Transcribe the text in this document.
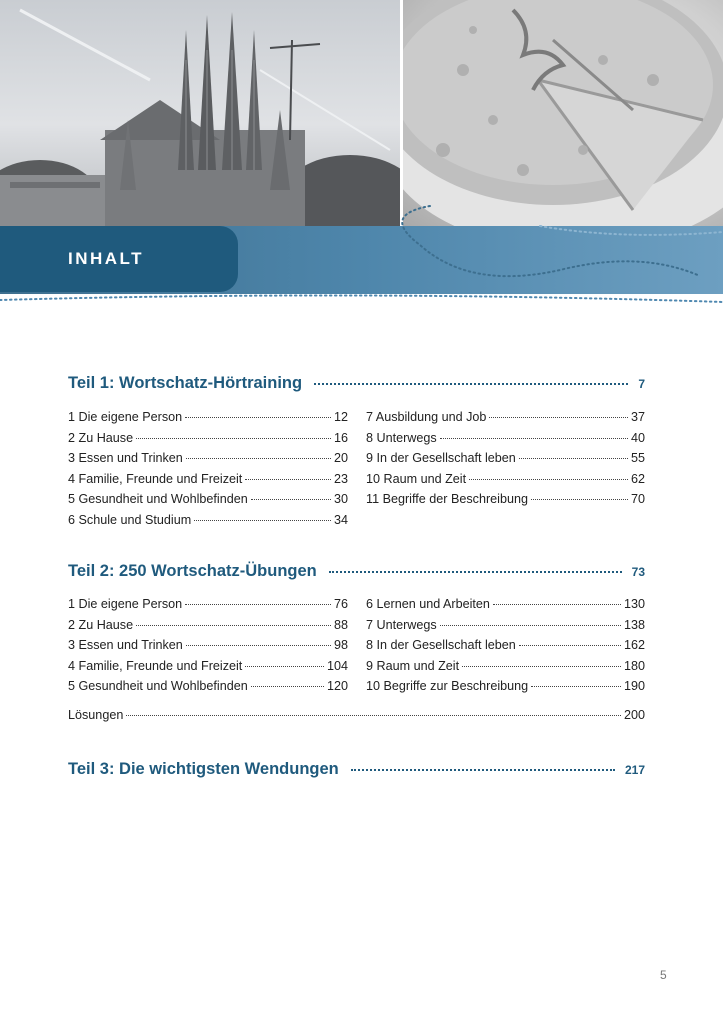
INHALT
Teil 1: Wortschatz-Hörtraining	7
1 Die eigene Person	12
2 Zu Hause	16
3 Essen und Trinken	20
4 Familie, Freunde und Freizeit	23
5 Gesundheit und Wohlbefinden	30
6 Schule und Studium	34
7 Ausbildung und Job	37
8 Unterwegs	40
9 In der Gesellschaft leben	55
10 Raum und Zeit	62
11 Begriffe der Beschreibung	70
Teil 2: 250 Wortschatz-Übungen	73
1 Die eigene Person	76
2 Zu Hause	88
3 Essen und Trinken	98
4 Familie, Freunde und Freizeit	104
5 Gesundheit und Wohlbefinden	120
6 Lernen und Arbeiten	130
7 Unterwegs	138
8 In der Gesellschaft leben	162
9 Raum und Zeit	180
10 Begriffe zur Beschreibung	190
Lösungen	200
Teil 3: Die wichtigsten Wendungen	217
5
